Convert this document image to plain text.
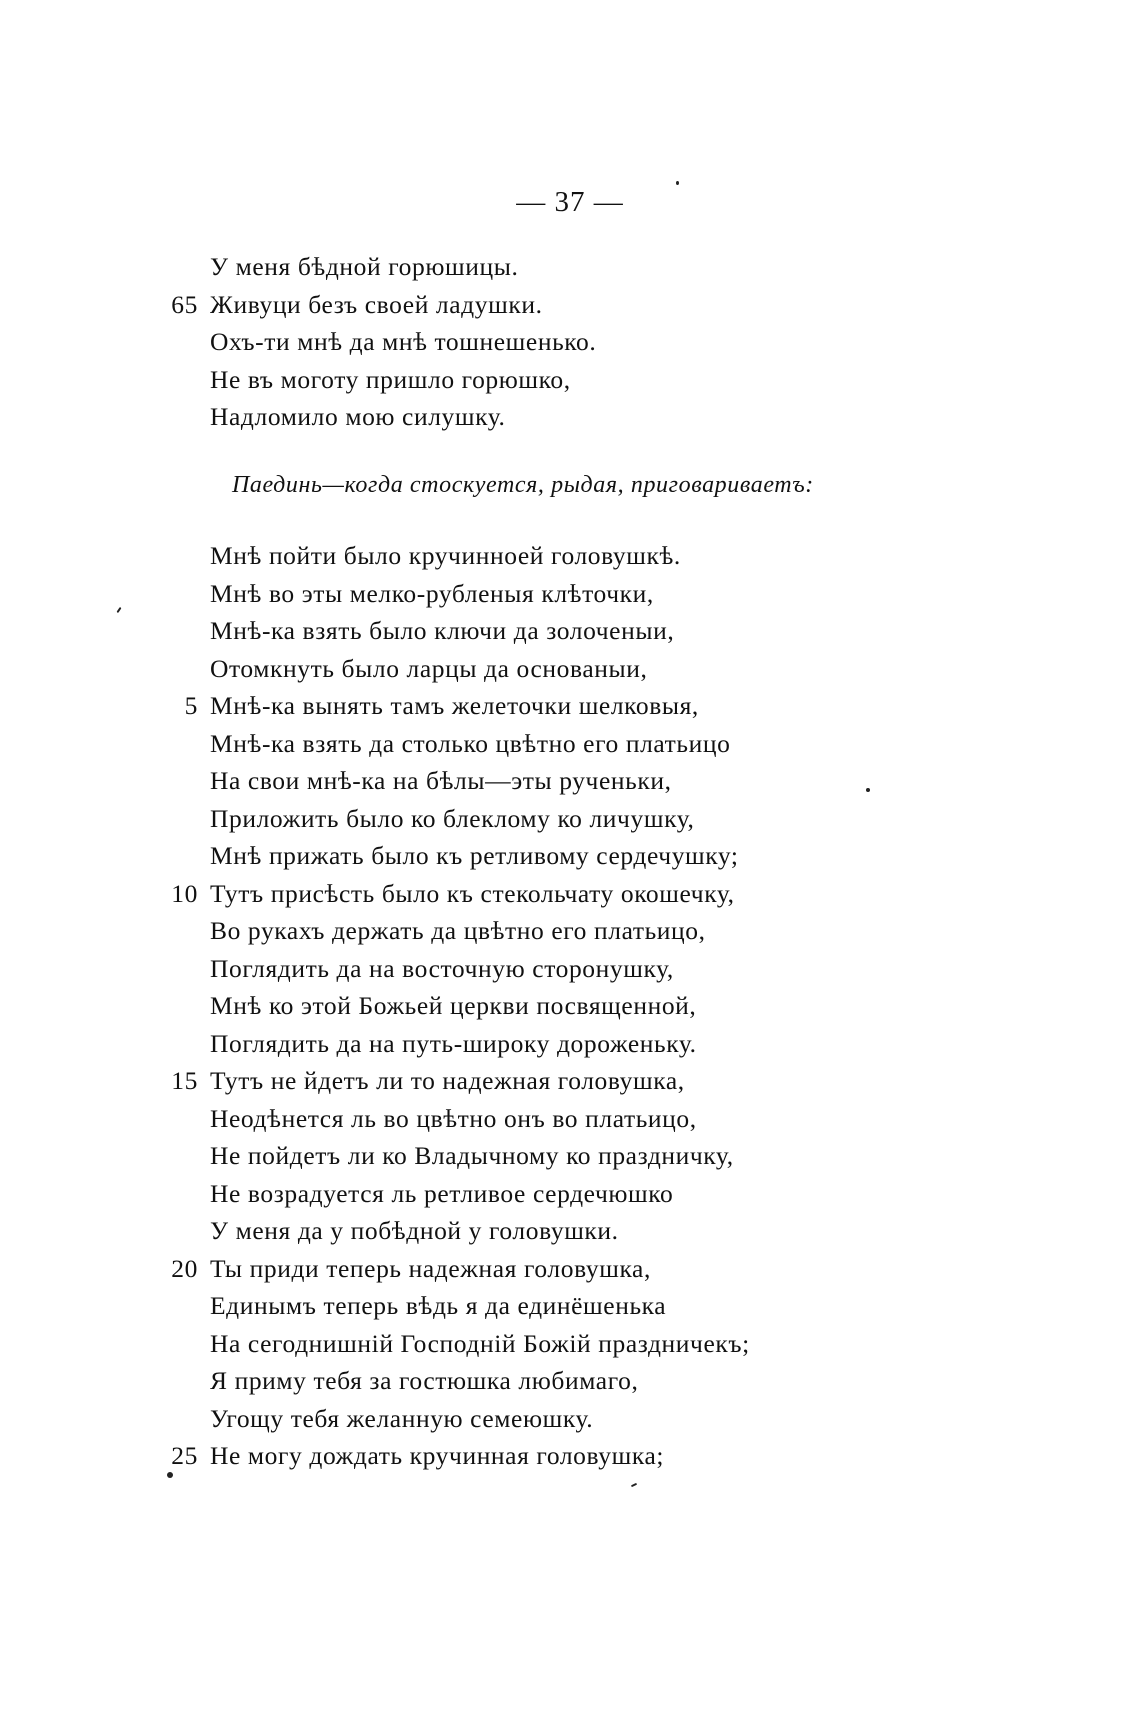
— 37 —
У меня бѣдной горюшицы.
65 Живуци безъ своей ладушки.
Охъ-ти мнѣ да мнѣ тошнешенько.
Не въ моготу пришло горюшко,
Надломило мою силушку.
Паединь—когда стоскуется, рыдая, приговариваетъ:
Мнѣ пойти было кручинноей головушкѣ.
Мнѣ во эты мелко-рубленыя клѣточки,
Мнѣ-ка взять было ключи да золоченыи,
Отомкнуть было ларцы да основаныи,
5 Мнѣ-ка вынять тамъ желеточки шелковыя,
Мнѣ-ка взять да столько цвѣтно его платьицо
На свои мнѣ-ка на бѣлы—эты рученьки,
Приложить было ко блеклому ко личушку,
Мнѣ прижать было къ ретливому сердечушку;
10 Тутъ присѣсть было къ стекольчату окошечку,
Во рукахъ держать да цвѣтно его платьицо,
Поглядить да на восточную сторонушку,
Мнѣ ко этой Божьей церкви посвященной,
Поглядить да на путь-широку дороженьку.
15 Тутъ не йдетъ ли то надежная головушка,
Неодѣнется ль во цвѣтно онъ во платьицо,
Не пойдетъ ли ко Владычному ко праздничку,
Не возрадуется ль ретливое сердечюшко
У меня да у побѣдной у головушки.
20 Ты приди теперь надежная головушка,
Единымъ теперь вѣдь я да единёшенька
На сегоднишній Господній Божій праздничекъ;
Я приму тебя за гостюшка любимаго,
Угощу тебя желанную семеюшку.
25 Не могу дождать кручинная головушка;
